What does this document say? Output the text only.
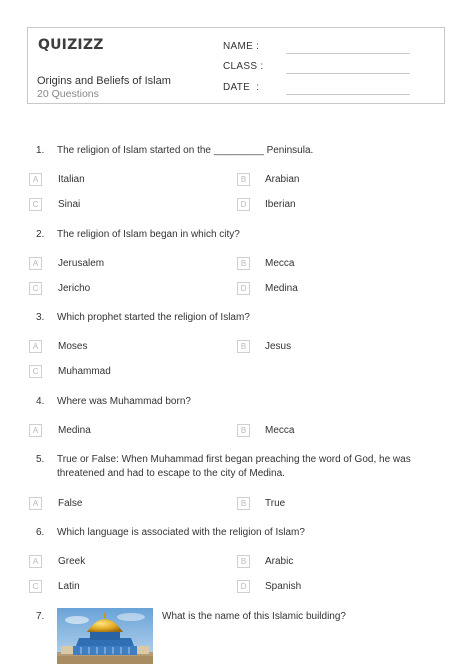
QUIZIZZ
Origins and Beliefs of Islam
20 Questions
NAME :
CLASS :
DATE  :
1.	The religion of Islam started on the _________ Peninsula.
A	Italian	B	Arabian
C	Sinai	D	Iberian
2.	The religion of Islam began in which city?
A	Jerusalem	B	Mecca
C	Jericho	D	Medina
3.	Which prophet started the religion of Islam?
A	Moses	B	Jesus
C	Muhammad
4.	Where was Muhammad born?
A	Medina	B	Mecca
5.	True or False: When Muhammad first began preaching the word of God, he was threatened and had to escape to the city of Medina.
A	False	B	True
6.	Which language is associated with the religion of Islam?
A	Greek	B	Arabic
C	Latin	D	Spanish
7.	What is the name of this Islamic building?
